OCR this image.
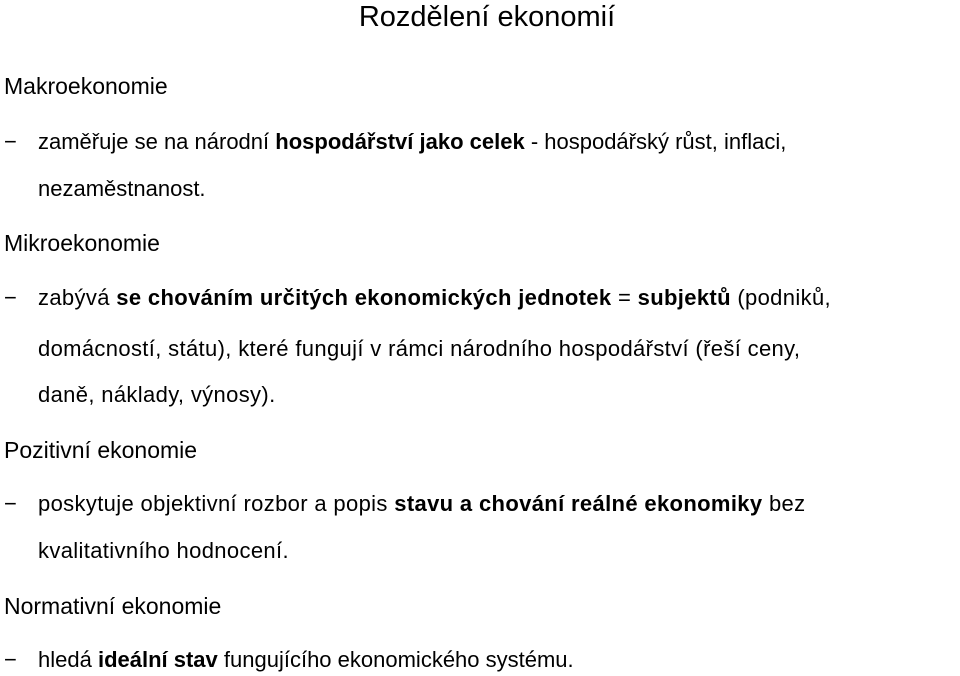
Rozdělení ekonomií
Makroekonomie
− zaměřuje se na národní hospodářství jako celek - hospodářský růst, inflaci,
nezaměstnanost.
Mikroekonomie
− zabývá se chováním určitých ekonomických jednotek = subjektů (podniků,
domácností, státu), které fungují v rámci národního hospodářství (řeší ceny,
daně, náklady, výnosy).
Pozitivní ekonomie
− poskytuje objektivní rozbor a popis stavu a chování reálné ekonomiky bez
kvalitativního hodnocení.
Normativní ekonomie
− hledá ideální stav fungujícího ekonomického systému.
